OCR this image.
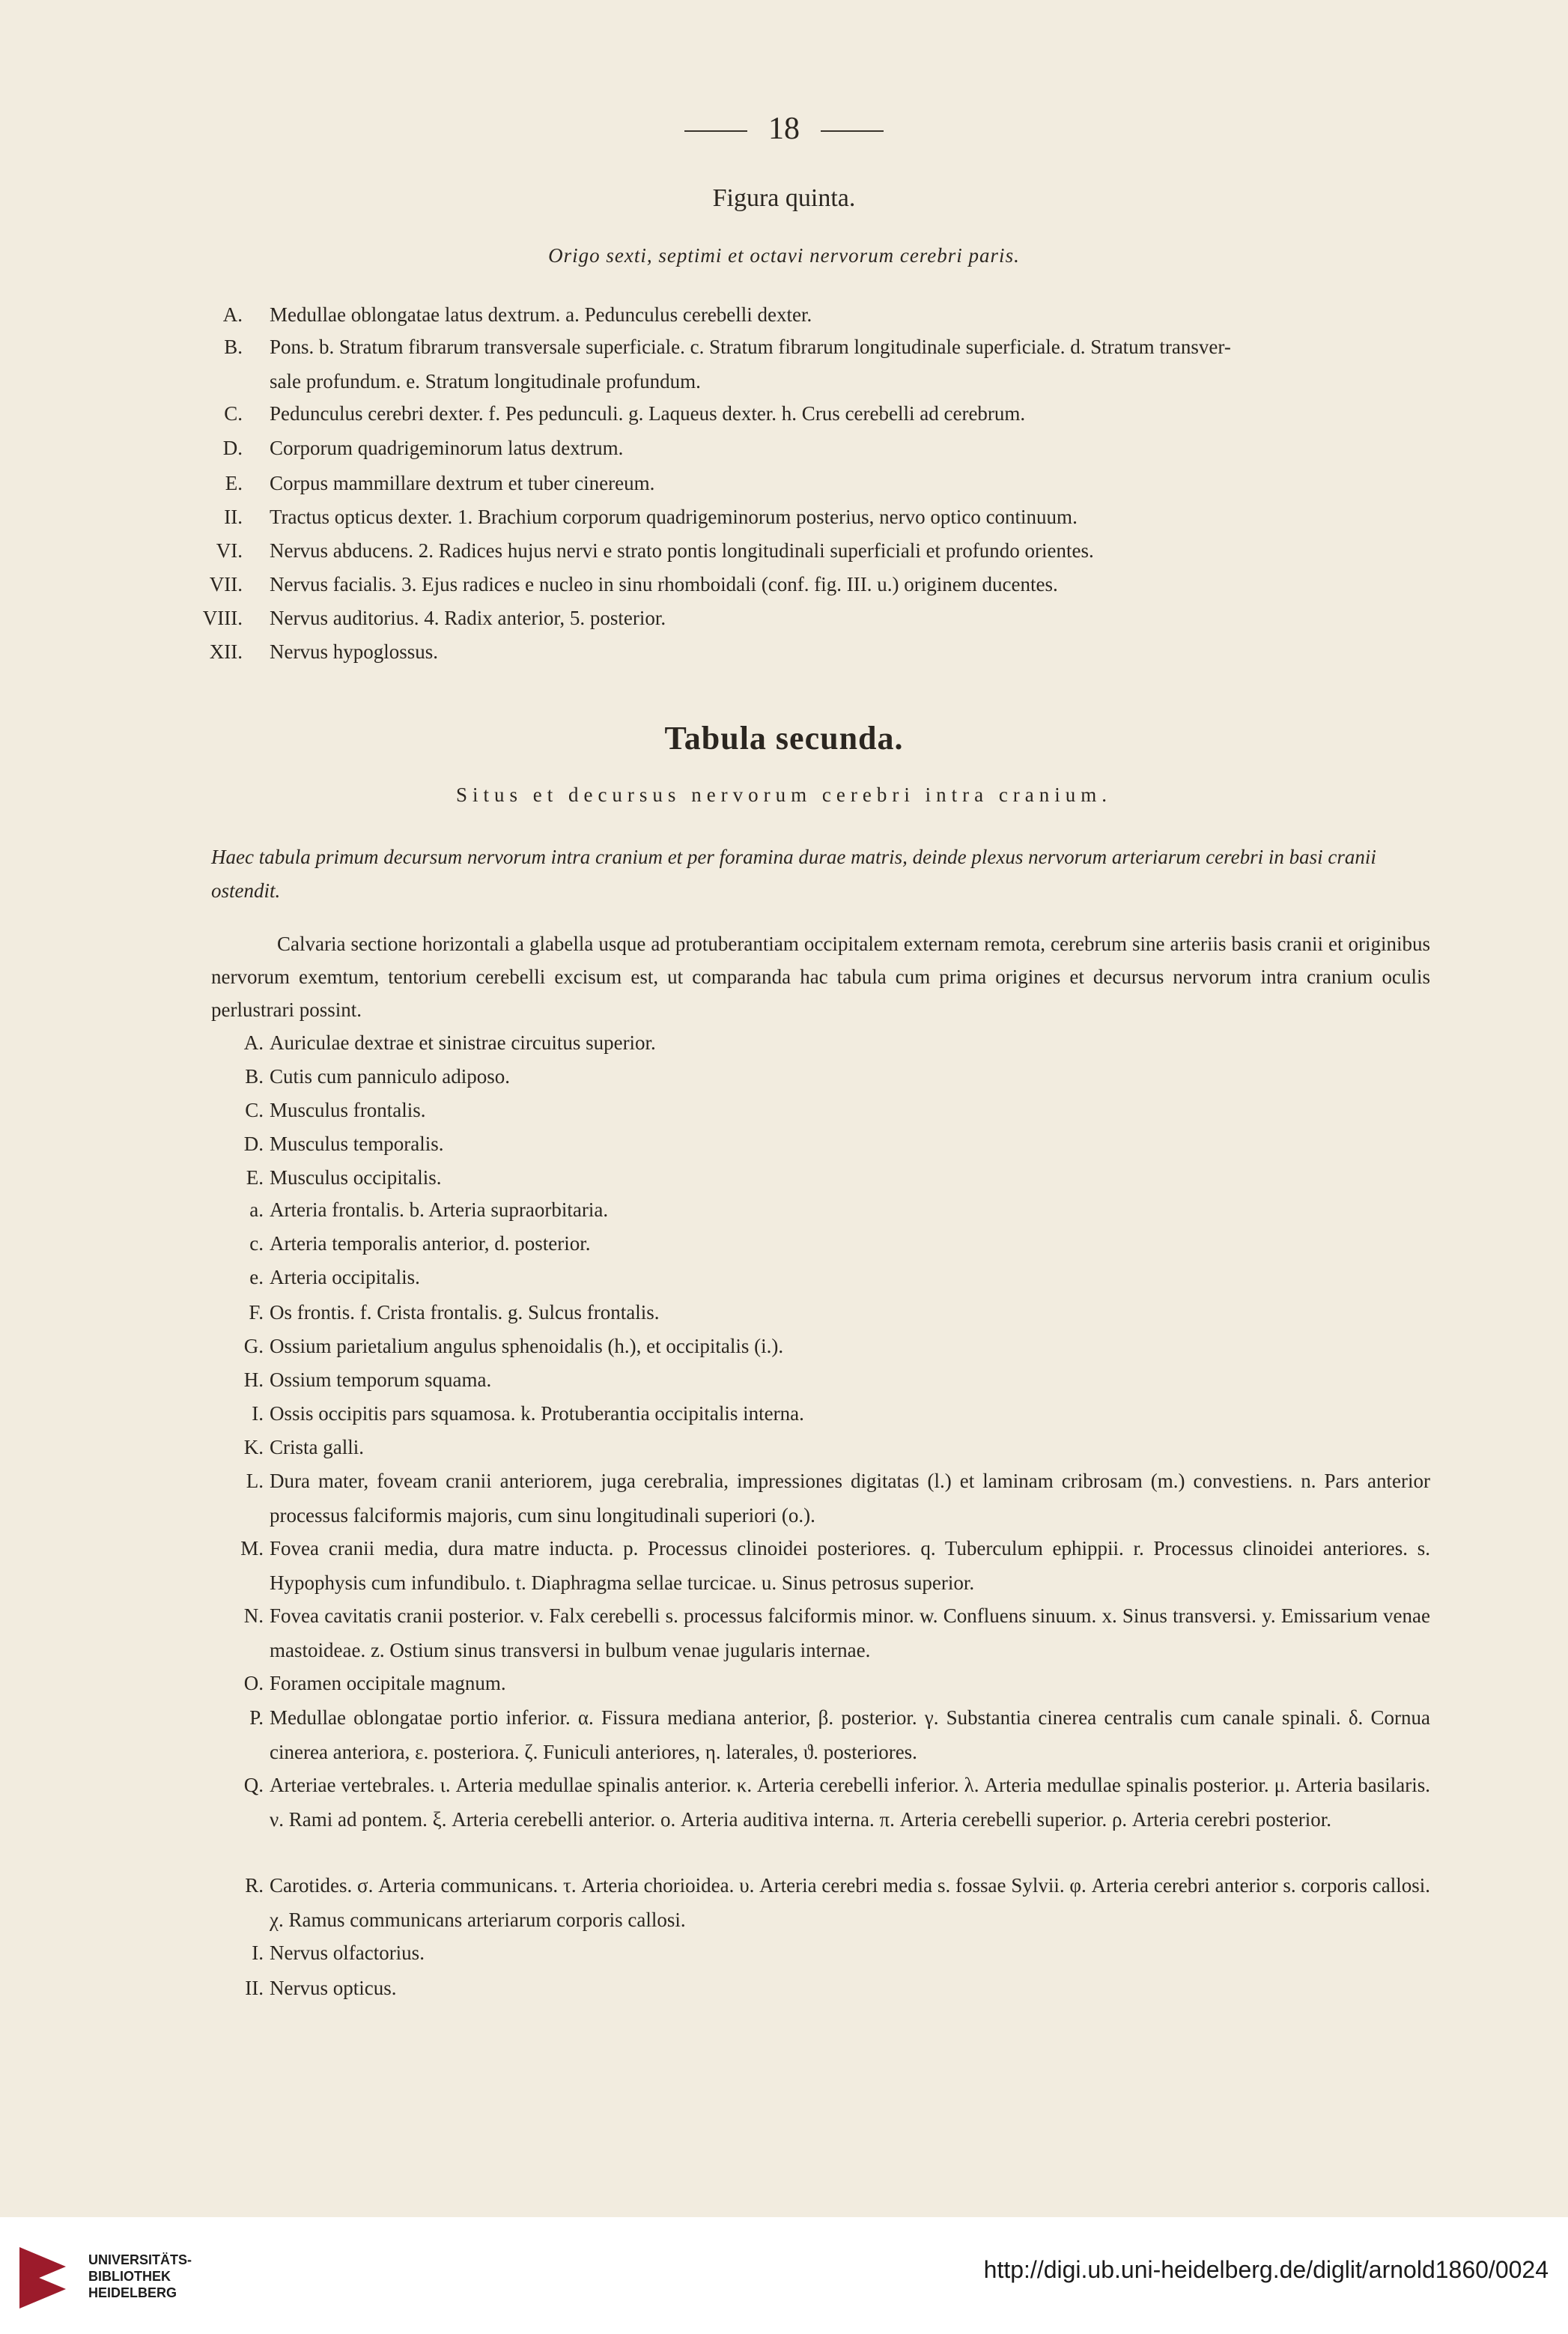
18
Figura quinta.
Origo sexti, septimi et octavi nervorum cerebri paris.
A. Medullae oblongatae latus dextrum. a. Pedunculus cerebelli dexter.
B. Pons. b. Stratum fibrarum transversale superficiale. c. Stratum fibrarum longitudinale superficiale. d. Stratum transver-
sale profundum. e. Stratum longitudinale profundum.
C. Pedunculus cerebri dexter. f. Pes pedunculi. g. Laqueus dexter. h. Crus cerebelli ad cerebrum.
D. Corporum quadrigeminorum latus dextrum.
E. Corpus mammillare dextrum et tuber cinereum.
II. Tractus opticus dexter. 1. Brachium corporum quadrigeminorum posterius, nervo optico continuum.
VI. Nervus abducens. 2. Radices hujus nervi e strato pontis longitudinali superficiali et profundo orientes.
VII. Nervus facialis. 3. Ejus radices e nucleo in sinu rhomboidali (conf. fig. III. u.) originem ducentes.
VIII. Nervus auditorius. 4. Radix anterior, 5. posterior.
XII. Nervus hypoglossus.
Tabula secunda.
Situs et decursus nervorum cerebri intra cranium.
Haec tabula primum decursum nervorum intra cranium et per foramina durae matris, deinde plexus nervorum arteriarum cerebri in basi cranii ostendit.
Calvaria sectione horizontali a glabella usque ad protuberantiam occipitalem externam remota, cerebrum sine arteriis basis cranii et originibus nervorum exemtum, tentorium cerebelli excisum est, ut comparanda hac tabula cum prima origines et decursus nervorum intra cranium oculis perlustrari possint.
A. Auriculae dextrae et sinistrae circuitus superior.
B. Cutis cum panniculo adiposo.
C. Musculus frontalis.
D. Musculus temporalis.
E. Musculus occipitalis.
a. Arteria frontalis. b. Arteria supraorbitaria.
c. Arteria temporalis anterior, d. posterior.
e. Arteria occipitalis.
F. Os frontis. f. Crista frontalis. g. Sulcus frontalis.
G. Ossium parietalium angulus sphenoidalis (h.), et occipitalis (i.).
H. Ossium temporum squama.
I. Ossis occipitis pars squamosa. k. Protuberantia occipitalis interna.
K. Crista galli.
L. Dura mater, foveam cranii anteriorem, juga cerebralia, impressiones digitatas (l.) et laminam cribrosam (m.) convestiens. n. Pars anterior processus falciformis majoris, cum sinu longitudinali superiori (o.).
M. Fovea cranii media, dura matre inducta. p. Processus clinoidei posteriores. q. Tuberculum ephippii. r. Processus clinoidei anteriores. s. Hypophysis cum infundibulo. t. Diaphragma sellae turcicae. u. Sinus petrosus superior.
N. Fovea cavitatis cranii posterior. v. Falx cerebelli s. processus falciformis minor. w. Confluens sinuum. x. Sinus transversi. y. Emissarium venae mastoideae. z. Ostium sinus transversi in bulbum venae jugularis internae.
O. Foramen occipitale magnum.
P. Medullae oblongatae portio inferior. α. Fissura mediana anterior, β. posterior. γ. Substantia cinerea centralis cum canale spinali. δ. Cornua cinerea anteriora, ε. posteriora. ζ. Funiculi anteriores, η. laterales, ϑ. posteriores.
Q. Arteriae vertebrales. ι. Arteria medullae spinalis anterior. κ. Arteria cerebelli inferior. λ. Arteria medullae spinalis posterior. μ. Arteria basilaris. ν. Rami ad pontem. ξ. Arteria cerebelli anterior. ο. Arteria auditiva interna. π. Arteria cerebelli superior. ρ. Arteria cerebri posterior.
R. Carotides. σ. Arteria communicans. τ. Arteria chorioidea. υ. Arteria cerebri media s. fossae Sylvii. φ. Arteria cerebri anterior s. corporis callosi. χ. Ramus communicans arteriarum corporis callosi.
I. Nervus olfactorius.
II. Nervus opticus.
UNIVERSITÄTS-
BIBLIOTHEK
HEIDELBERG
http://digi.ub.uni-heidelberg.de/diglit/arnold1860/0024
